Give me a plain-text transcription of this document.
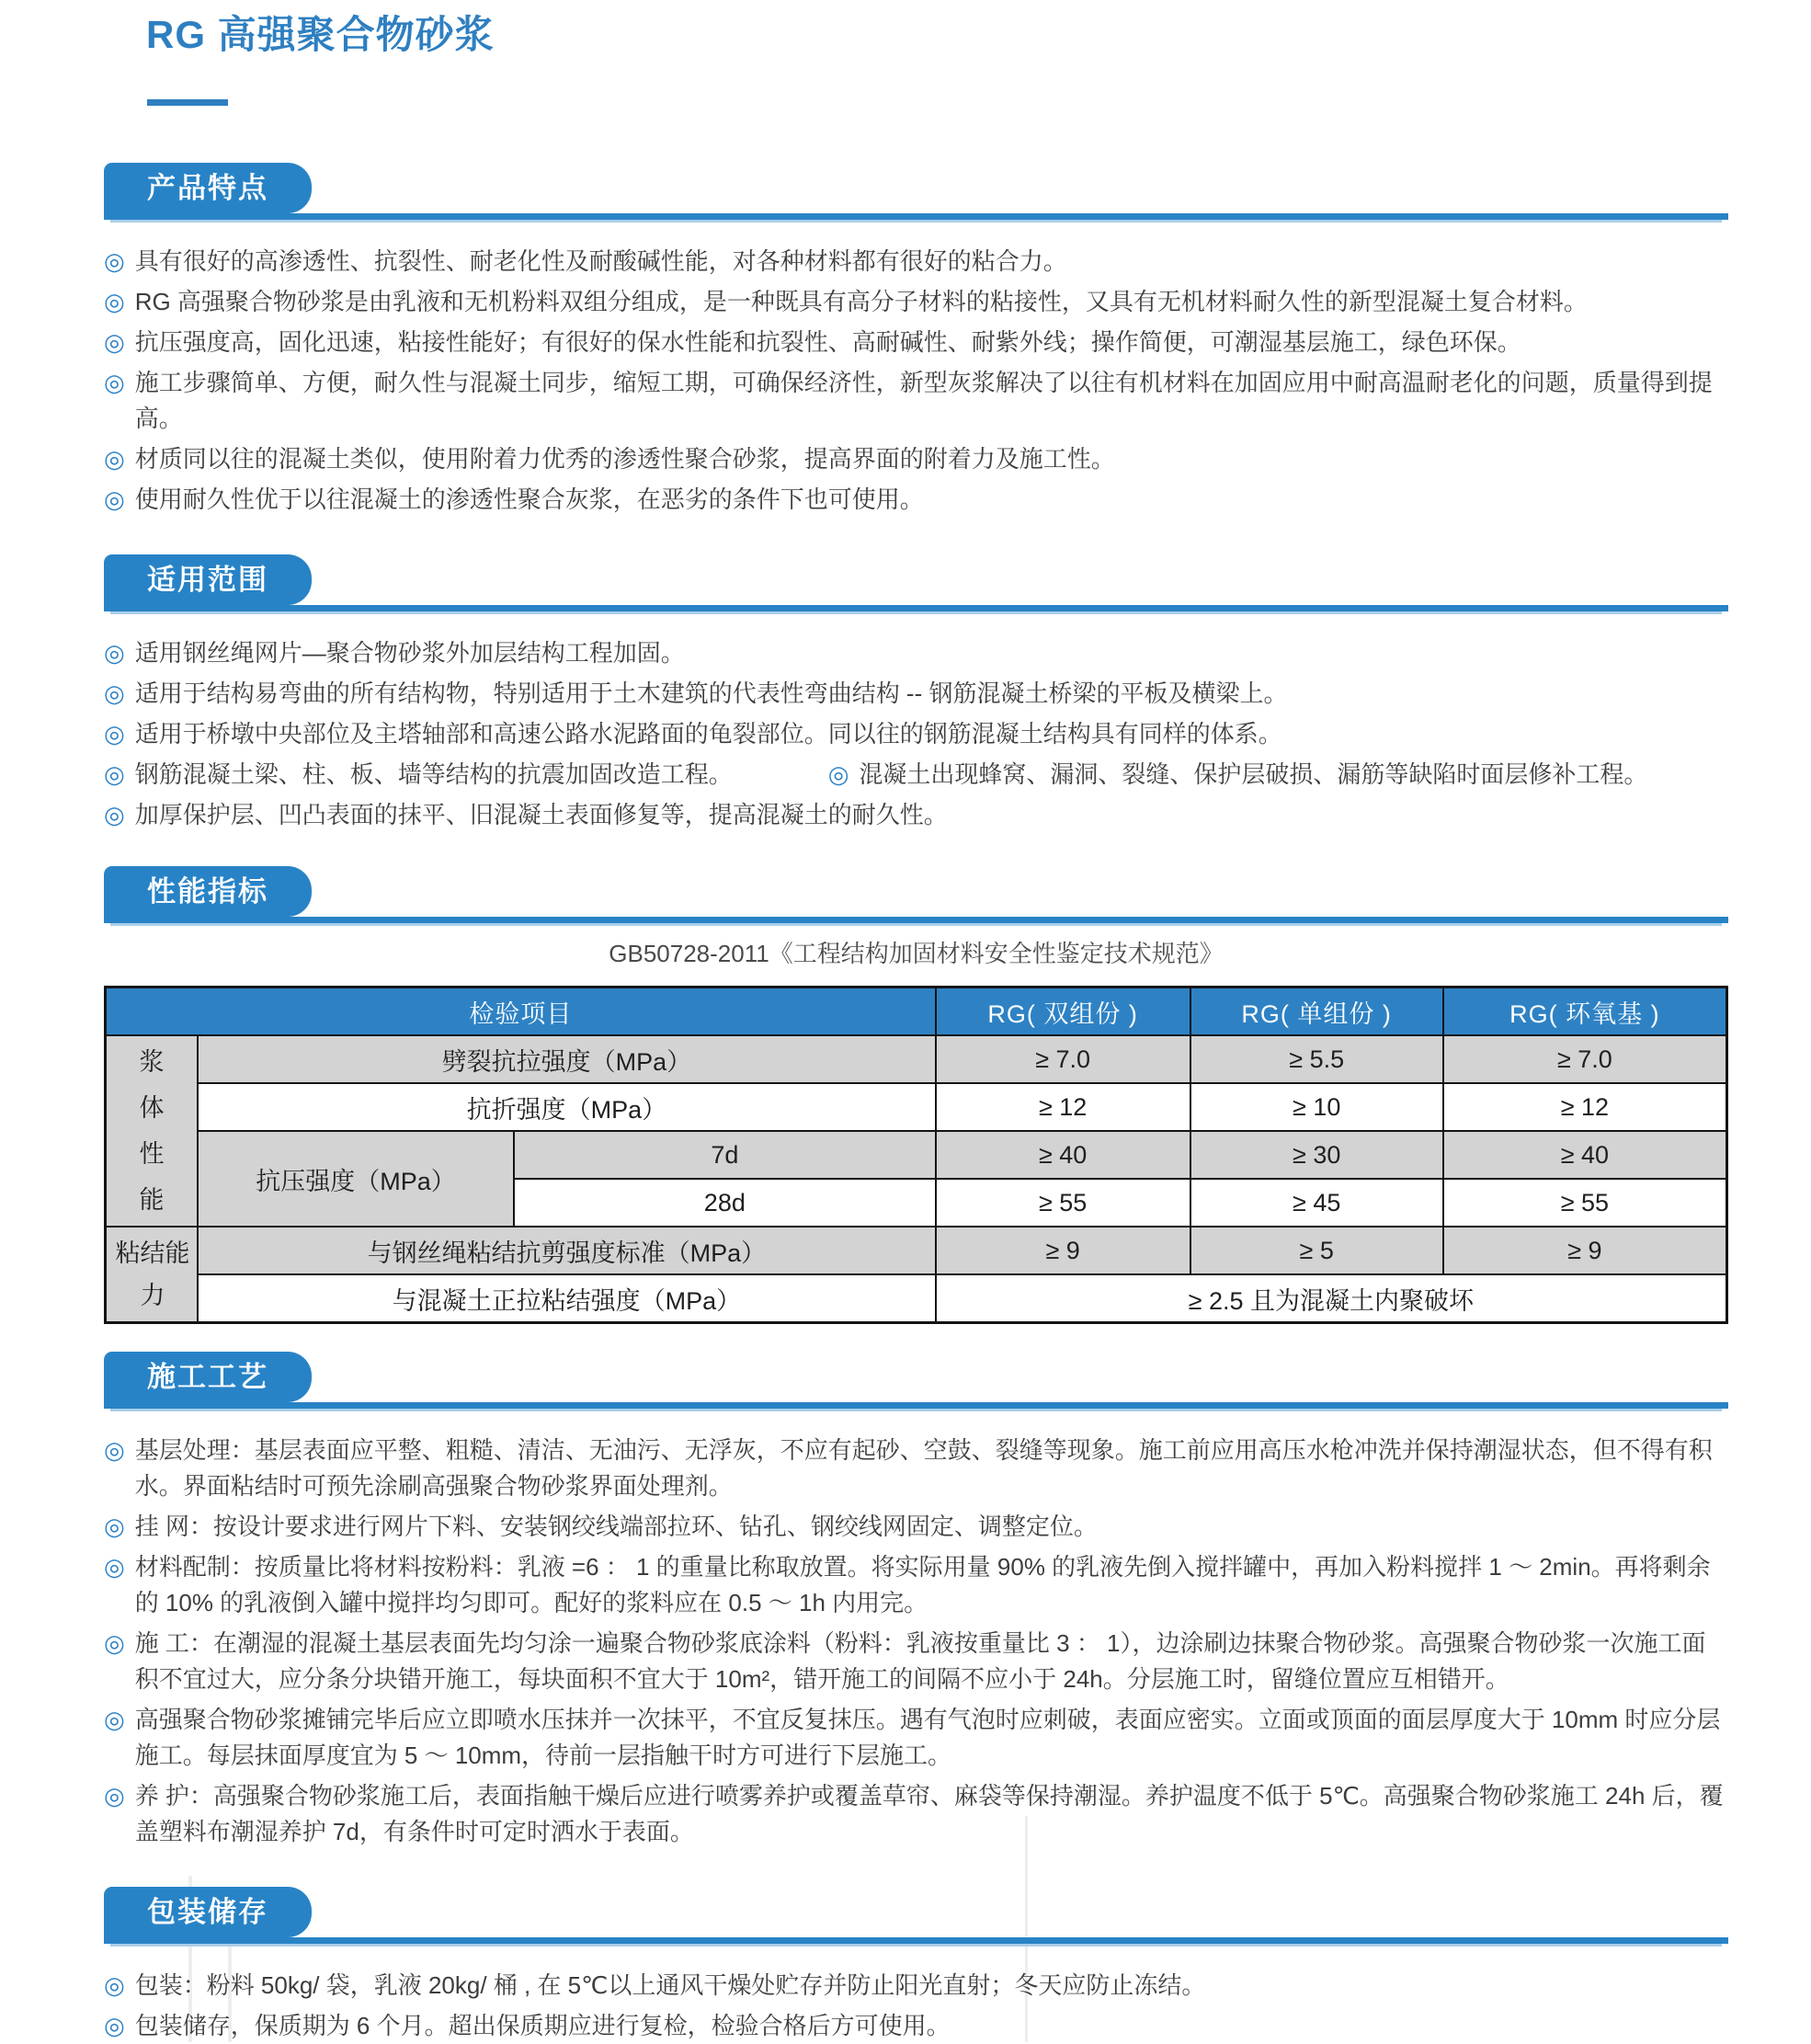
RG 高强聚合物砂浆
产品特点
◎ 具有很好的高渗透性、抗裂性、耐老化性及耐酸碱性能，对各种材料都有很好的粘合力。
◎ RG 高强聚合物砂浆是由乳液和无机粉料双组分组成，是一种既具有高分子材料的粘接性，又具有无机材料耐久性的新型混凝土复合材料。
◎ 抗压强度高，固化迅速，粘接性能好；有很好的保水性能和抗裂性、高耐碱性、耐紫外线；操作简便，可潮湿基层施工，绿色环保。
◎ 施工步骤简单、方便，耐久性与混凝土同步，缩短工期，可确保经济性，新型灰浆解决了以往有机材料在加固应用中耐高温耐老化的问题，质量得到提高。
◎ 材质同以往的混凝土类似，使用附着力优秀的渗透性聚合砂浆，提高界面的附着力及施工性。
◎ 使用耐久性优于以往混凝土的渗透性聚合灰浆，在恶劣的条件下也可使用。
适用范围
◎ 适用钢丝绳网片—聚合物砂浆外加层结构工程加固。
◎ 适用于结构易弯曲的所有结构物，特别适用于土木建筑的代表性弯曲结构 -- 钢筋混凝土桥梁的平板及横梁上。
◎ 适用于桥墩中央部位及主塔轴部和高速公路水泥路面的龟裂部位。同以往的钢筋混凝土结构具有同样的体系。
◎ 钢筋混凝土梁、柱、板、墙等结构的抗震加固改造工程。	◎ 混凝土出现蜂窝、漏洞、裂缝、保护层破损、漏筋等缺陷时面层修补工程。
◎ 加厚保护层、凹凸表面的抹平、旧混凝土表面修复等，提高混凝土的耐久性。
性能指标
GB50728-2011《工程结构加固材料安全性鉴定技术规范》
检验项目			RG( 双组份 )	RG( 单组份 )	RG( 环氧基 )

浆体性能	劈裂抗拉强度（MPa）		≥ 7.0	≥ 5.5	≥ 7.0
	抗折强度（MPa）		≥ 12	≥ 10	≥ 12
	抗压强度（MPa）	7d	≥ 40	≥ 30	≥ 40
		28d	≥ 55	≥ 45	≥ 55

粘结能力	与钢丝绳粘结抗剪强度标准（MPa）		≥ 9	≥ 5	≥ 9
	与混凝土正拉粘结强度（MPa）		≥ 2.5 且为混凝土内聚破坏		
施工工艺
◎ 基层处理：基层表面应平整、粗糙、清洁、无油污、无浮灰，不应有起砂、空鼓、裂缝等现象。施工前应用高压水枪冲洗并保持潮湿状态，但不得有积水。界面粘结时可预先涂刷高强聚合物砂浆界面处理剂。
◎ 挂 网：按设计要求进行网片下料、安装钢绞线端部拉环、钻孔、钢绞线网固定、调整定位。
◎ 材料配制：按质量比将材料按粉料：乳液 =6 ： 1 的重量比称取放置。将实际用量 90% 的乳液先倒入搅拌罐中，再加入粉料搅拌 1 ～ 2min。再将剩余的 10% 的乳液倒入罐中搅拌均匀即可。配好的浆料应在 0.5 ～ 1h 内用完。
◎ 施 工：在潮湿的混凝土基层表面先均匀涂一遍聚合物砂浆底涂料（粉料：乳液按重量比 3 ： 1），边涂刷边抹聚合物砂浆。高强聚合物砂浆一次施工面积不宜过大，应分条分块错开施工，每块面积不宜大于 10m²，错开施工的间隔不应小于 24h。分层施工时，留缝位置应互相错开。
◎ 高强聚合物砂浆摊铺完毕后应立即喷水压抹并一次抹平，不宜反复抹压。遇有气泡时应刺破，表面应密实。立面或顶面的面层厚度大于 10mm 时应分层施工。每层抹面厚度宜为 5 ～ 10mm，待前一层指触干时方可进行下层施工。
◎ 养 护：高强聚合物砂浆施工后，表面指触干燥后应进行喷雾养护或覆盖草帘、麻袋等保持潮湿。养护温度不低于 5℃。高强聚合物砂浆施工 24h 后，覆盖塑料布潮湿养护 7d，有条件时可定时洒水于表面。
包装储存
◎ 包装：粉料 50kg/ 袋，乳液 20kg/ 桶 , 在 5℃以上通风干燥处贮存并防止阳光直射；冬天应防止冻结。
◎ 包装储存，保质期为 6 个月。超出保质期应进行复检，检验合格后方可使用。
